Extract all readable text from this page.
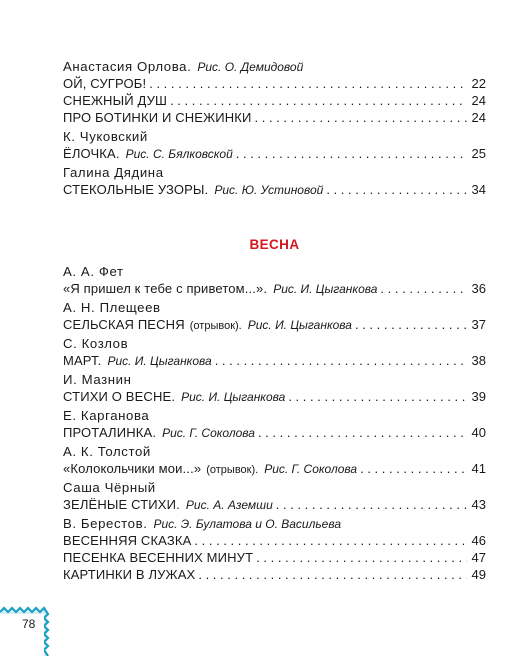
Анастасия Орлова. Рис. О. Демидовой
ОЙ, СУГРОБ! . . .	22
СНЕЖНЫЙ ДУШ . . .	24
ПРО БОТИНКИ И СНЕЖИНКИ . . .	24
К. Чуковский
ЁЛОЧКА. Рис. С. Бялковской . . .	25
Галина Дядина
СТЕКОЛЬНЫЕ УЗОРЫ. Рис. Ю. Устиновой . . .	34
ВЕСНА
А. А. Фет
«Я пришел к тебе с приветом...». Рис. И. Цыганкова . . .	36
А. Н. Плещеев
СЕЛЬСКАЯ ПЕСНЯ (отрывок). Рис. И. Цыганкова . . .	37
С. Козлов
МАРТ. Рис. И. Цыганкова . . .	38
И. Мазнин
СТИХИ О ВЕСНЕ. Рис. И. Цыганкова . . .	39
Е. Карганова
ПРОТАЛИНКА. Рис. Г. Соколова . . .	40
А. К. Толстой
«Колокольчики мои...» (отрывок). Рис. Г. Соколова . . .	41
Саша Чёрный
ЗЕЛЁНЫЕ СТИХИ. Рис. А. Аземши . . .	43
В. Берестов. Рис. Э. Булатова и О. Васильева
ВЕСЕННЯЯ СКАЗКА . . .	46
ПЕСЕНКА ВЕСЕННИХ МИНУТ . . .	47
КАРТИНКИ В ЛУЖАХ . . .	49
78
